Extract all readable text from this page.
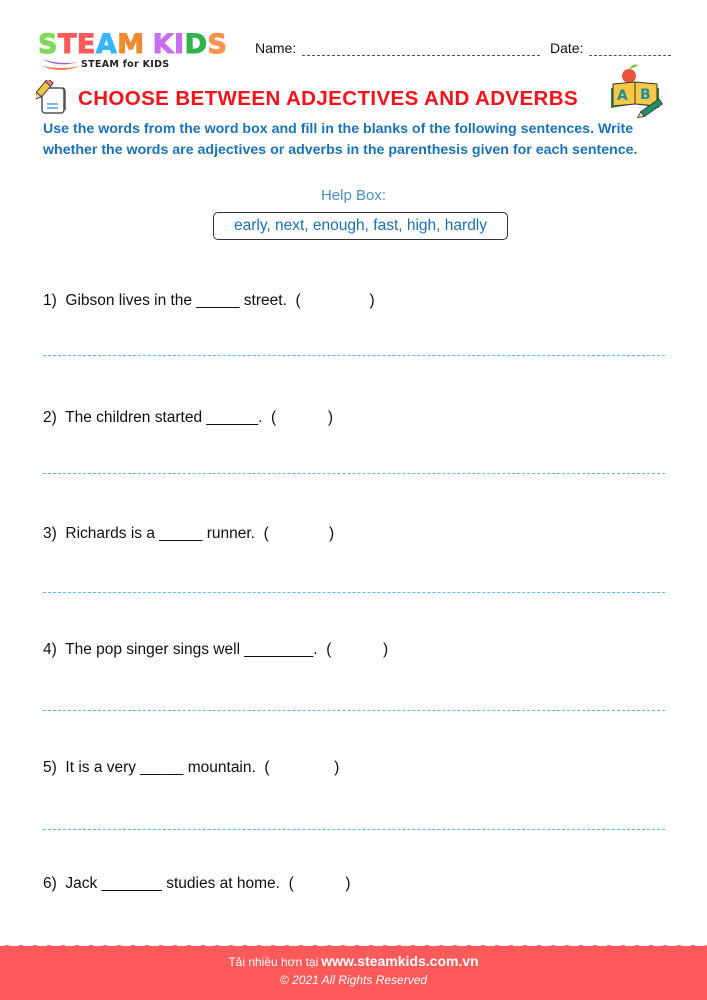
STEAM KIDS
STEAM for KIDS
Name:	Date:
CHOOSE BETWEEN ADJECTIVES AND ADVERBS	A B
Use the words from the word box and fill in the blanks of the following sentences. Write whether the words are adjectives or adverbs in the parenthesis given for each sentence.
Help Box:
early, next, enough, fast, high, hardly
1)  Gibson lives in the _____ street.  (                )
2)  The children started ______.  (            )
3)  Richards is a _____ runner.  (              )
4)  The pop singer sings well ________.  (            )
5)  It is a very _____ mountain.  (               )
6)  Jack _______ studies at home.  (            )
Tải nhiều hơn tại www.steamkids.com.vn
© 2021 All Rights Reserved
